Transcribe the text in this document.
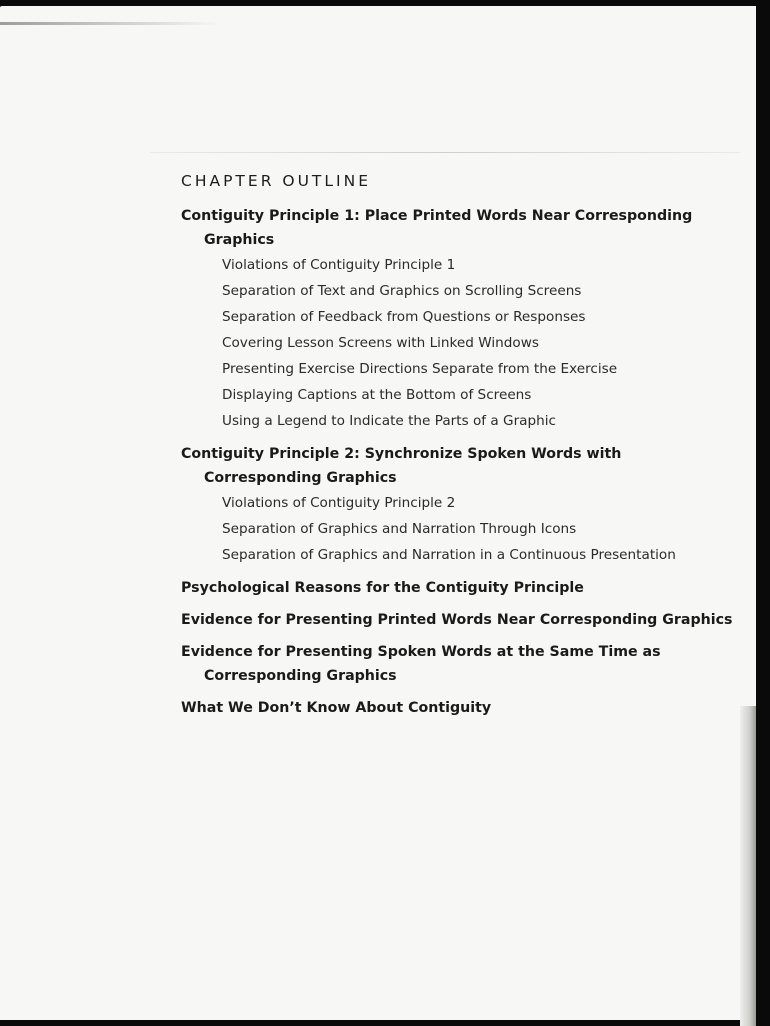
CHAPTER OUTLINE
Contiguity Principle 1: Place Printed Words Near Corresponding Graphics
Violations of Contiguity Principle 1
Separation of Text and Graphics on Scrolling Screens
Separation of Feedback from Questions or Responses
Covering Lesson Screens with Linked Windows
Presenting Exercise Directions Separate from the Exercise
Displaying Captions at the Bottom of Screens
Using a Legend to Indicate the Parts of a Graphic
Contiguity Principle 2: Synchronize Spoken Words with Corresponding Graphics
Violations of Contiguity Principle 2
Separation of Graphics and Narration Through Icons
Separation of Graphics and Narration in a Continuous Presentation
Psychological Reasons for the Contiguity Principle
Evidence for Presenting Printed Words Near Corresponding Graphics
Evidence for Presenting Spoken Words at the Same Time as Corresponding Graphics
What We Don’t Know About Contiguity
